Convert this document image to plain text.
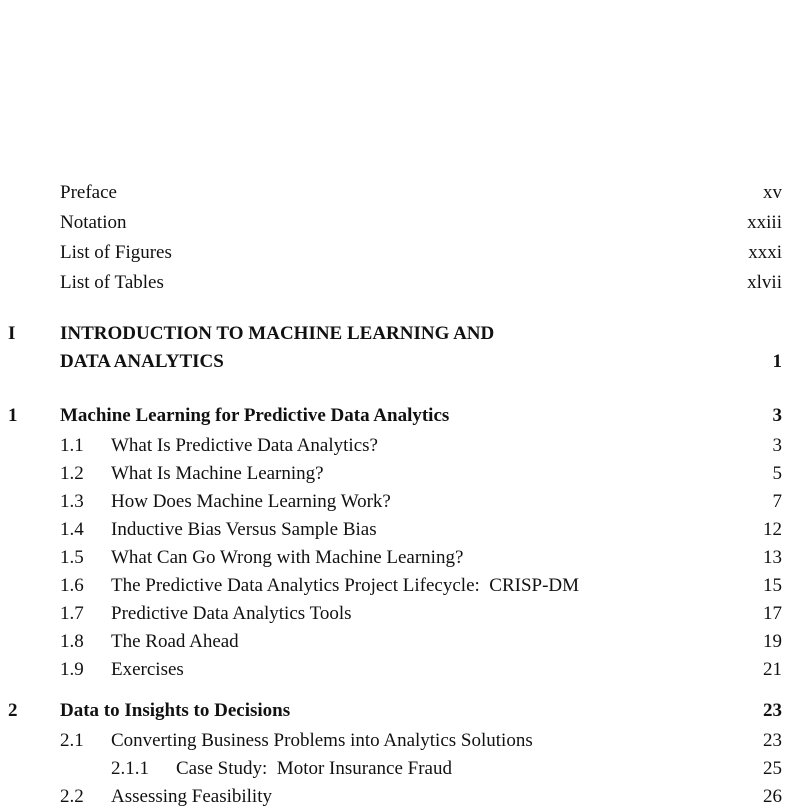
Preface	xv
Notation	xxiii
List of Figures	xxxi
List of Tables	xlvii
I INTRODUCTION TO MACHINE LEARNING AND
DATA ANALYTICS	1
1 Machine Learning for Predictive Data Analytics	3
1.1 What Is Predictive Data Analytics?	3
1.2 What Is Machine Learning?	5
1.3 How Does Machine Learning Work?	7
1.4 Inductive Bias Versus Sample Bias	12
1.5 What Can Go Wrong with Machine Learning?	13
1.6 The Predictive Data Analytics Project Lifecycle:  CRISP-DM	15
1.7 Predictive Data Analytics Tools	17
1.8 The Road Ahead	19
1.9 Exercises	21
2 Data to Insights to Decisions	23
2.1 Converting Business Problems into Analytics Solutions	23
2.1.1 Case Study:  Motor Insurance Fraud	25
2.2 Assessing Feasibility	26
